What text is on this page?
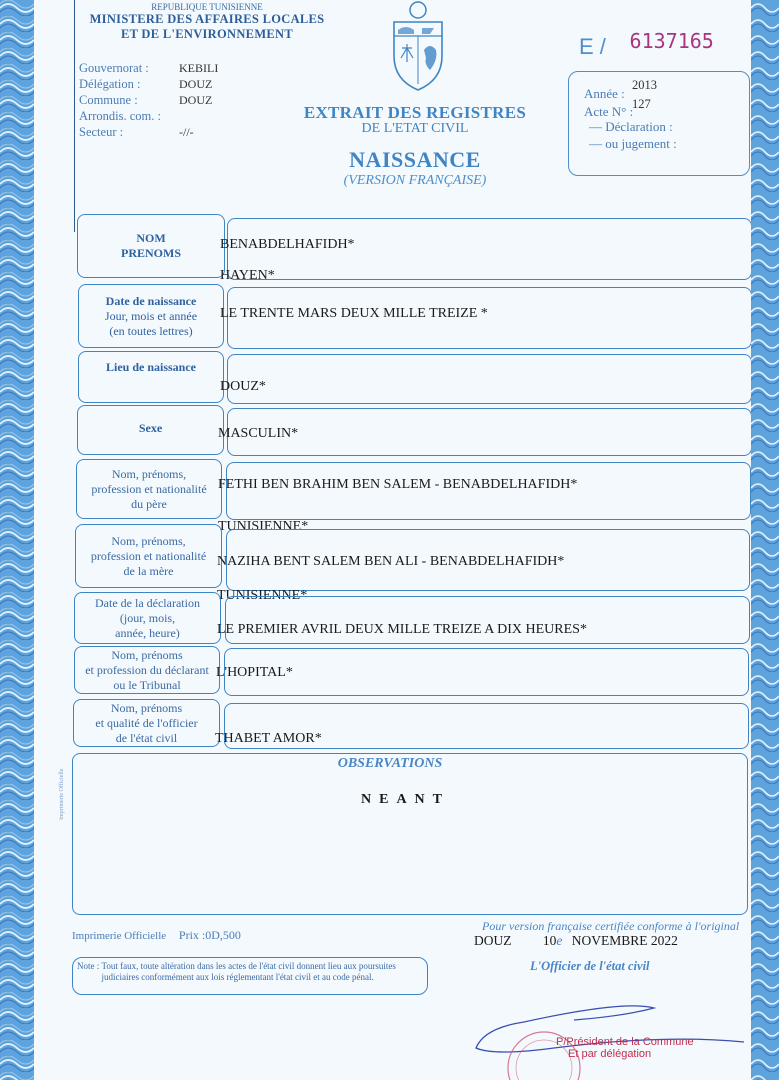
REPUBLIQUE TUNISIENNE
MINISTERE DES AFFAIRES LOCALES
ET DE L'ENVIRONNEMENT
Gouvernorat :	KEBILI
Délégation :	DOUZ
Commune :	DOUZ
Arrondis. com. :
Secteur :	-//-
EXTRAIT DES REGISTRES
DE L'ETAT CIVIL
NAISSANCE
(VERSION FRANÇAISE)
E / 6137165
Année :
2013
Acte N° :
127
— Déclaration :
— ou jugement :
NOM
PRENOMS
BENABDELHAFIDH*
HAYEN*
Date de naissance
Jour, mois et année
(en toutes lettres)
LE TRENTE MARS DEUX MILLE TREIZE *
Lieu de naissance
DOUZ*
Sexe	MASCULIN*
Nom, prénoms,
profession et nationalité
du père
FETHI BEN BRAHIM BEN SALEM - BENABDELHAFIDH*
TUNISIENNE*
Nom, prénoms,
profession et nationalité
de la mère
NAZIHA BENT SALEM BEN ALI - BENABDELHAFIDH*
TUNISIENNE*
Date de la déclaration
(jour, mois,
année, heure)	LE PREMIER AVRIL DEUX MILLE TREIZE A DIX HEURES*
Nom, prénoms
et profession du déclarant
ou le Tribunal
L'HOPITAL*
Nom, prénoms
et qualité de l'officier
de l'état civil	THABET AMOR*
OBSERVATIONS
NEANT
Imprimerie Officielle
Imprimerie Officielle Prix :0D,500
Pour version française certifiée conforme à l'original
DOUZ 10e NOVEMBRE 2022
L'Officier de l'état civil
Note : Tout faux, toute altération dans les actes de l'état civil donnent lieu aux poursuites judiciaires conformément aux lois réglementant l'état civil et au code pénal.
P/Président de la Commune
Et par délégation
